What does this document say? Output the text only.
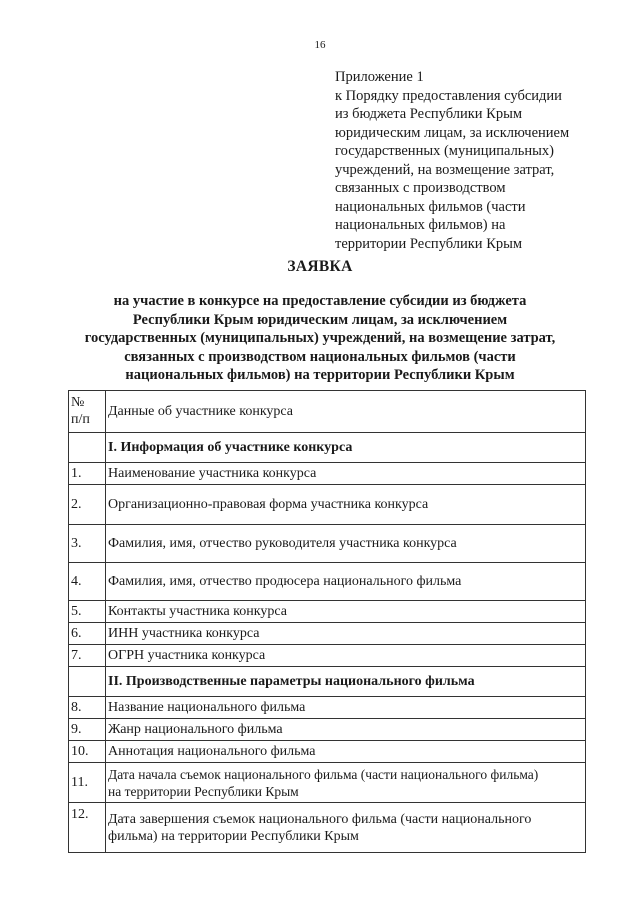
16
Приложение 1
к Порядку предоставления субсидии
из бюджета Республики Крым
юридическим лицам, за исключением
государственных (муниципальных)
учреждений, на возмещение затрат,
связанных с производством
национальных фильмов (части
национальных фильмов) на
территории Республики Крым
ЗАЯВКА
на участие в конкурсе на предоставление субсидии из бюджета
Республики Крым юридическим лицам, за исключением
государственных (муниципальных) учреждений, на возмещение затрат,
связанных с производством национальных фильмов (части
национальных фильмов) на территории Республики Крым
№
п/п	Данные об участнике конкурса
	I. Информация об участнике конкурса
1.	Наименование участника конкурса
2.	Организационно-правовая форма участника конкурса
3.	Фамилия, имя, отчество руководителя участника конкурса
4.	Фамилия, имя, отчество продюсера национального фильма
5.	Контакты участника конкурса
6.	ИНН участника конкурса
7.	ОГРН участника конкурса
	II. Производственные параметры национального фильма
8.	Название национального фильма
9.	Жанр национального фильма
10.	Аннотация национального фильма
11.	Дата начала съемок национального фильма (части национального фильма)
на территории Республики Крым

12.	Дата завершения съемок национального фильма (части национального
фильма) на территории Республики Крым
